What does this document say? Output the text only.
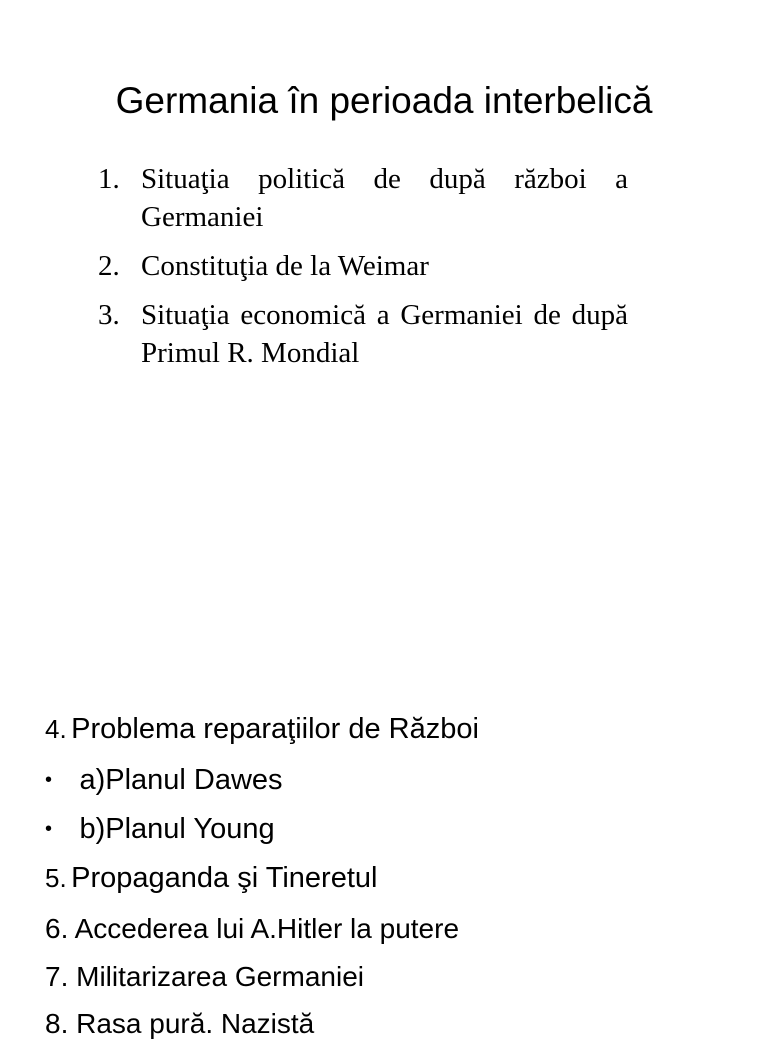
Germania în perioada interbelică
1. Situaţia politică de după război a Germaniei
2. Constituţia de la Weimar
3. Situaţia economică a Germaniei de după Primul R. Mondial
4. Problema reparaţiilor de Război
• a)Planul Dawes
• b)Planul Young
5. Propaganda şi Tineretul
6. Accederea lui A.Hitler la putere
7. Militarizarea Germaniei
8. Rasa pură. Nazistă
